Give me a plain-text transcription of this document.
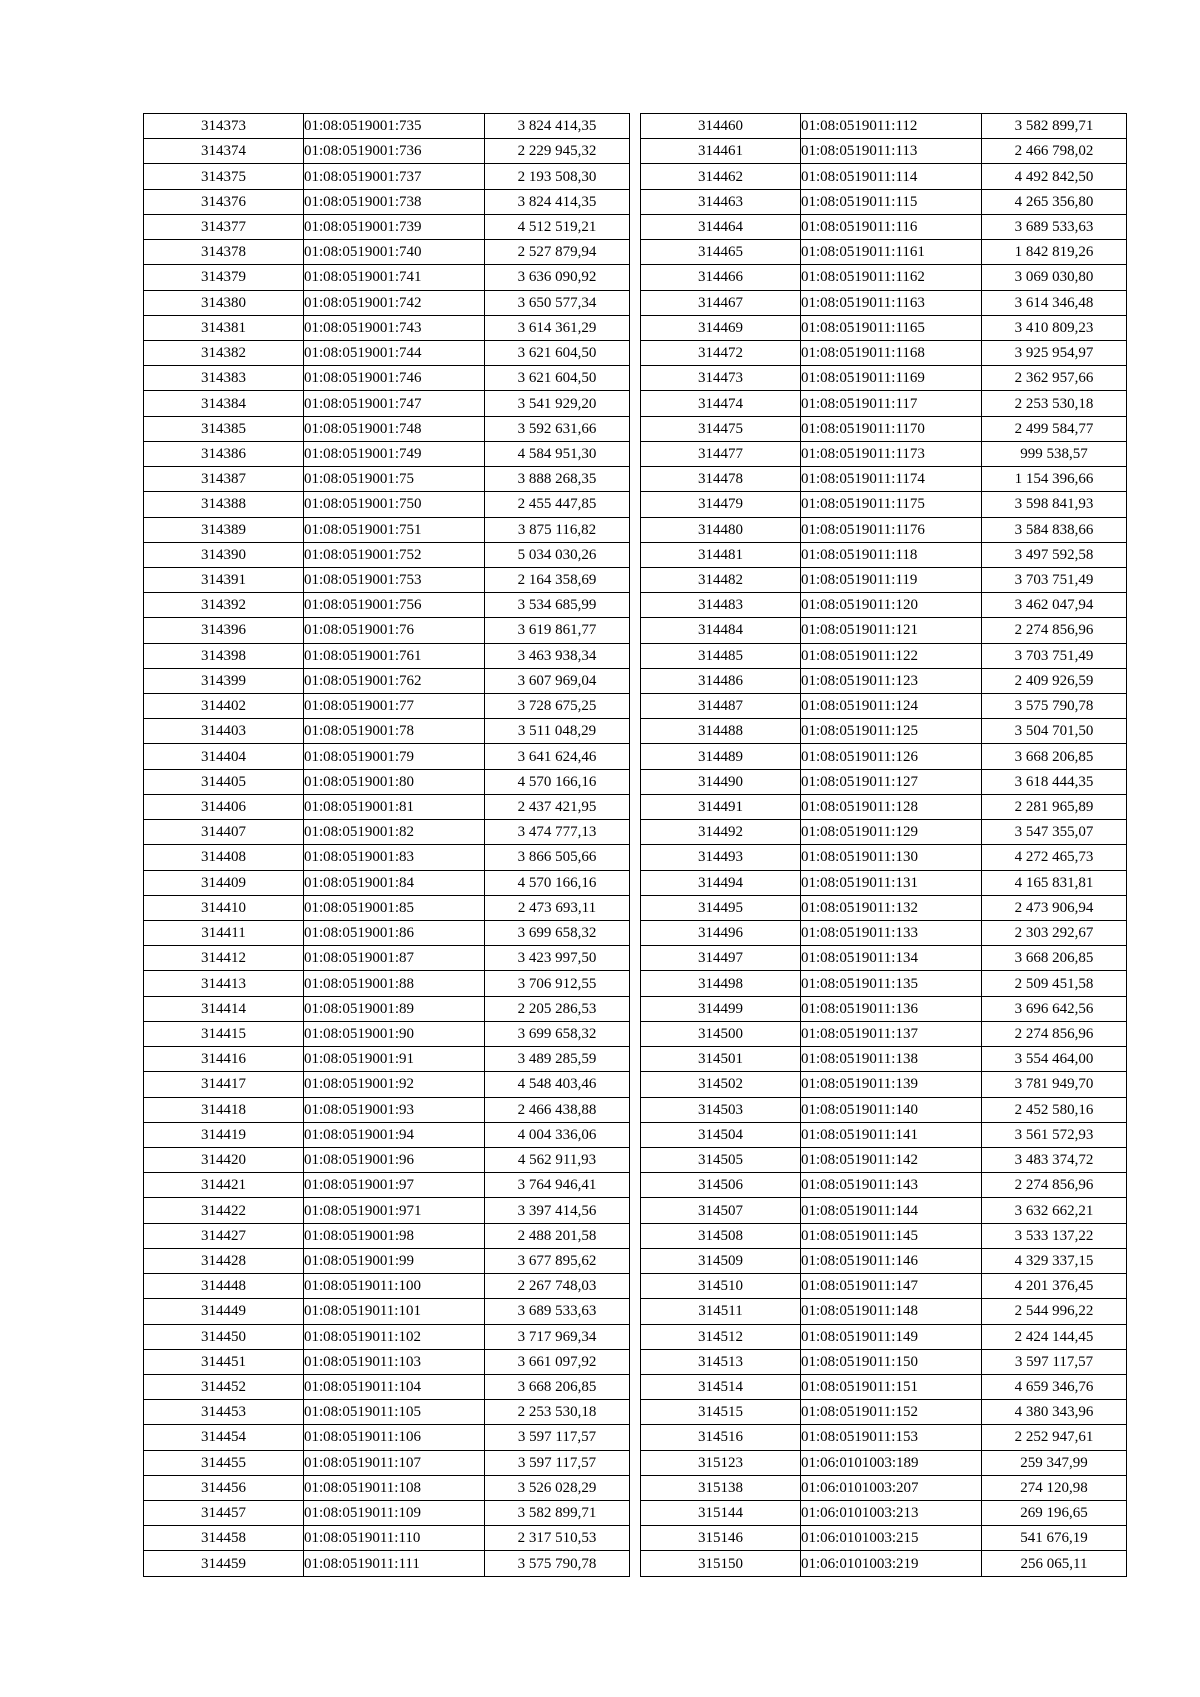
314373	01:08:0519001:735	3 824 414,35
314374	01:08:0519001:736	2 229 945,32
314375	01:08:0519001:737	2 193 508,30
314376	01:08:0519001:738	3 824 414,35
314377	01:08:0519001:739	4 512 519,21
314378	01:08:0519001:740	2 527 879,94
314379	01:08:0519001:741	3 636 090,92
314380	01:08:0519001:742	3 650 577,34
314381	01:08:0519001:743	3 614 361,29
314382	01:08:0519001:744	3 621 604,50
314383	01:08:0519001:746	3 621 604,50
314384	01:08:0519001:747	3 541 929,20
314385	01:08:0519001:748	3 592 631,66
314386	01:08:0519001:749	4 584 951,30
314387	01:08:0519001:75	3 888 268,35
314388	01:08:0519001:750	2 455 447,85
314389	01:08:0519001:751	3 875 116,82
314390	01:08:0519001:752	5 034 030,26
314391	01:08:0519001:753	2 164 358,69
314392	01:08:0519001:756	3 534 685,99
314396	01:08:0519001:76	3 619 861,77
314398	01:08:0519001:761	3 463 938,34
314399	01:08:0519001:762	3 607 969,04
314402	01:08:0519001:77	3 728 675,25
314403	01:08:0519001:78	3 511 048,29
314404	01:08:0519001:79	3 641 624,46
314405	01:08:0519001:80	4 570 166,16
314406	01:08:0519001:81	2 437 421,95
314407	01:08:0519001:82	3 474 777,13
314408	01:08:0519001:83	3 866 505,66
314409	01:08:0519001:84	4 570 166,16
314410	01:08:0519001:85	2 473 693,11
314411	01:08:0519001:86	3 699 658,32
314412	01:08:0519001:87	3 423 997,50
314413	01:08:0519001:88	3 706 912,55
314414	01:08:0519001:89	2 205 286,53
314415	01:08:0519001:90	3 699 658,32
314416	01:08:0519001:91	3 489 285,59
314417	01:08:0519001:92	4 548 403,46
314418	01:08:0519001:93	2 466 438,88
314419	01:08:0519001:94	4 004 336,06
314420	01:08:0519001:96	4 562 911,93
314421	01:08:0519001:97	3 764 946,41
314422	01:08:0519001:971	3 397 414,56
314427	01:08:0519001:98	2 488 201,58
314428	01:08:0519001:99	3 677 895,62
314448	01:08:0519011:100	2 267 748,03
314449	01:08:0519011:101	3 689 533,63
314450	01:08:0519011:102	3 717 969,34
314451	01:08:0519011:103	3 661 097,92
314452	01:08:0519011:104	3 668 206,85
314453	01:08:0519011:105	2 253 530,18
314454	01:08:0519011:106	3 597 117,57
314455	01:08:0519011:107	3 597 117,57
314456	01:08:0519011:108	3 526 028,29
314457	01:08:0519011:109	3 582 899,71
314458	01:08:0519011:110	2 317 510,53
314459	01:08:0519011:111	3 575 790,78
314460	01:08:0519011:112	3 582 899,71
314461	01:08:0519011:113	2 466 798,02
314462	01:08:0519011:114	4 492 842,50
314463	01:08:0519011:115	4 265 356,80
314464	01:08:0519011:116	3 689 533,63
314465	01:08:0519011:1161	1 842 819,26
314466	01:08:0519011:1162	3 069 030,80
314467	01:08:0519011:1163	3 614 346,48
314469	01:08:0519011:1165	3 410 809,23
314472	01:08:0519011:1168	3 925 954,97
314473	01:08:0519011:1169	2 362 957,66
314474	01:08:0519011:117	2 253 530,18
314475	01:08:0519011:1170	2 499 584,77
314477	01:08:0519011:1173	999 538,57
314478	01:08:0519011:1174	1 154 396,66
314479	01:08:0519011:1175	3 598 841,93
314480	01:08:0519011:1176	3 584 838,66
314481	01:08:0519011:118	3 497 592,58
314482	01:08:0519011:119	3 703 751,49
314483	01:08:0519011:120	3 462 047,94
314484	01:08:0519011:121	2 274 856,96
314485	01:08:0519011:122	3 703 751,49
314486	01:08:0519011:123	2 409 926,59
314487	01:08:0519011:124	3 575 790,78
314488	01:08:0519011:125	3 504 701,50
314489	01:08:0519011:126	3 668 206,85
314490	01:08:0519011:127	3 618 444,35
314491	01:08:0519011:128	2 281 965,89
314492	01:08:0519011:129	3 547 355,07
314493	01:08:0519011:130	4 272 465,73
314494	01:08:0519011:131	4 165 831,81
314495	01:08:0519011:132	2 473 906,94
314496	01:08:0519011:133	2 303 292,67
314497	01:08:0519011:134	3 668 206,85
314498	01:08:0519011:135	2 509 451,58
314499	01:08:0519011:136	3 696 642,56
314500	01:08:0519011:137	2 274 856,96
314501	01:08:0519011:138	3 554 464,00
314502	01:08:0519011:139	3 781 949,70
314503	01:08:0519011:140	2 452 580,16
314504	01:08:0519011:141	3 561 572,93
314505	01:08:0519011:142	3 483 374,72
314506	01:08:0519011:143	2 274 856,96
314507	01:08:0519011:144	3 632 662,21
314508	01:08:0519011:145	3 533 137,22
314509	01:08:0519011:146	4 329 337,15
314510	01:08:0519011:147	4 201 376,45
314511	01:08:0519011:148	2 544 996,22
314512	01:08:0519011:149	2 424 144,45
314513	01:08:0519011:150	3 597 117,57
314514	01:08:0519011:151	4 659 346,76
314515	01:08:0519011:152	4 380 343,96
314516	01:08:0519011:153	2 252 947,61
315123	01:06:0101003:189	259 347,99
315138	01:06:0101003:207	274 120,98
315144	01:06:0101003:213	269 196,65
315146	01:06:0101003:215	541 676,19
315150	01:06:0101003:219	256 065,11
